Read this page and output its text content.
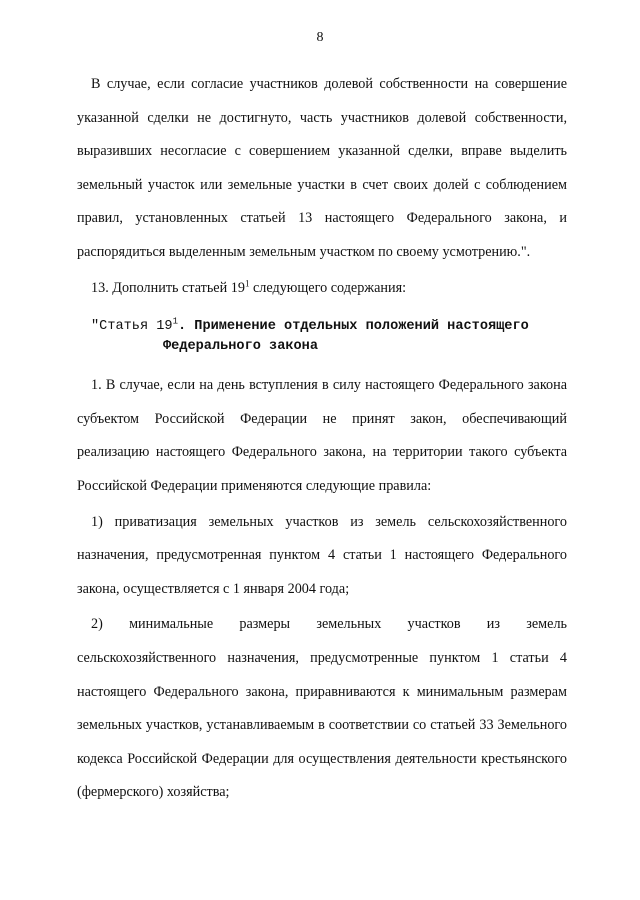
8

В случае, если согласие участников долевой собственности на совершение указанной сделки не достигнуто, часть участников долевой собственности, выразивших несогласие с совершением указанной сделки, вправе выделить земельный участок или земельные участки в счет своих долей с соблюдением правил, установленных статьей 13 настоящего Федерального закона, и распорядиться выделенным земельным участком по своему усмотрению.".

13. Дополнить статьей $19^1$ следующего содержания:

"Статья $19^1$. Применение отдельных положений настоящего
Федерального закона

1. В случае, если на день вступления в силу настоящего Федерального закона субъектом Российской Федерации не принят закон, обеспечивающий реализацию настоящего Федерального закона, на территории такого субъекта Российской Федерации применяются следующие правила:

1) приватизация земельных участков из земель сельскохозяйственного назначения, предусмотренная пунктом 4 статьи 1 настоящего Федерального закона, осуществляется с 1 января 2004 года;

2) минимальные размеры земельных участков из земель сельскохозяйственного назначения, предусмотренные пунктом 1 статьи 4 настоящего Федерального закона, приравниваются к минимальным размерам земельных участков, устанавливаемым в соответствии со статьей 33 Земельного кодекса Российской Федерации для осуществления деятельности крестьянского (фермерского) хозяйства;
